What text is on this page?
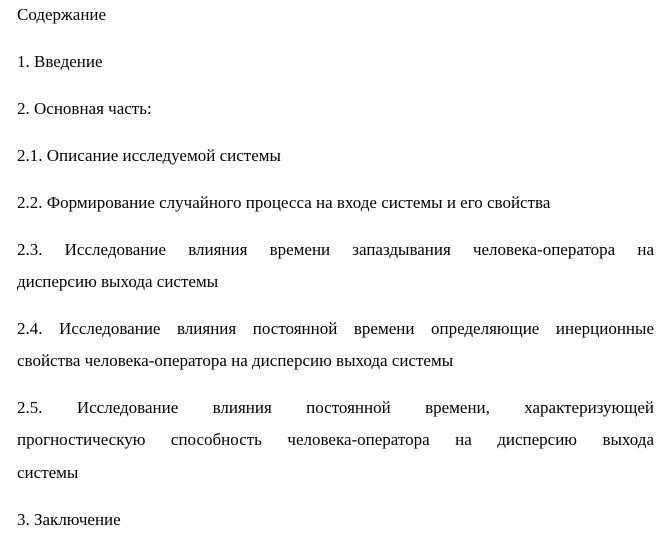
Содержание

1. Введение

2. Основная часть:

2.1. Описание исследуемой системы

2.2. Формирование случайного процесса на входе системы и его свойства

2.3. Исследование влияния времени запаздывания человека-оператора на

дисперсию выхода системы

2.4. Исследование влияния постоянной времени определяющие инерционные

свойства человека-оператора на дисперсию выхода системы

2.5. Исследование влияния постоянной времени, характеризующей

прогностическую способность человека-оператора на дисперсию выхода

системы

3. Заключение
